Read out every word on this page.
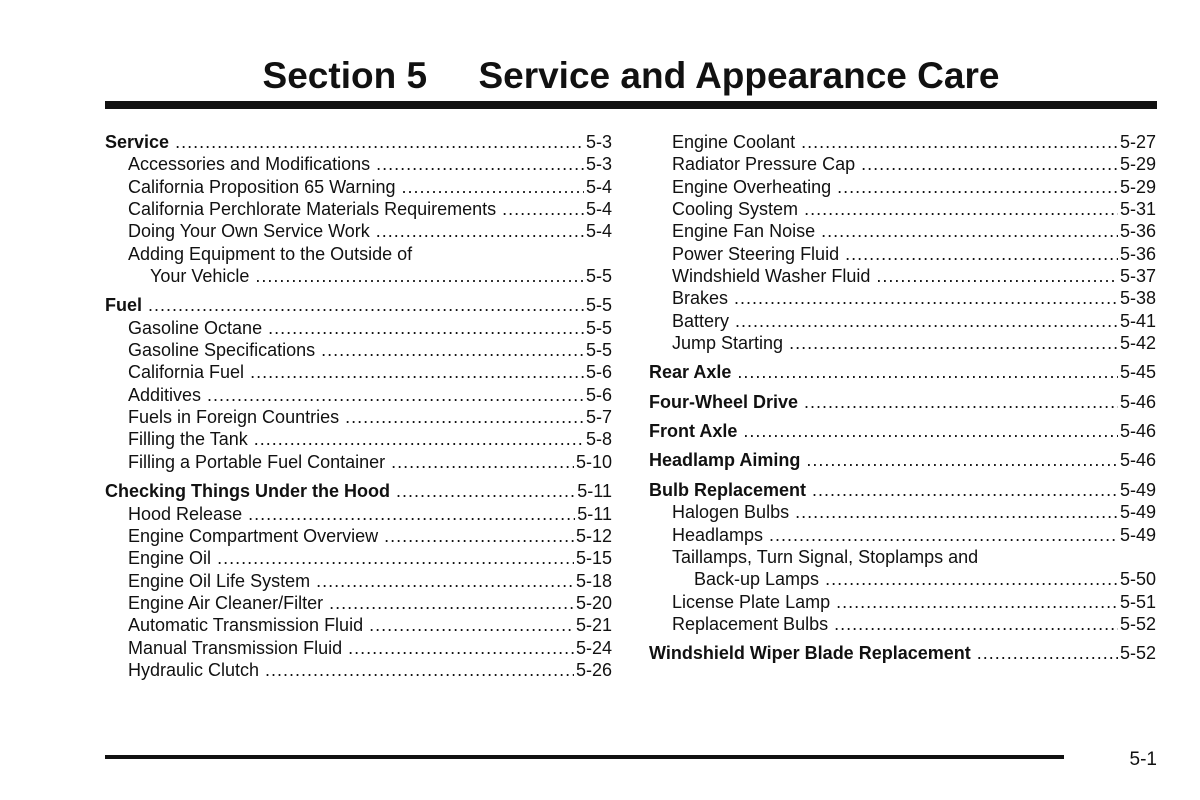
Section 5     Service and Appearance Care
Service .....	5-3
Accessories and Modifications .....	5-3
California Proposition 65 Warning .....	5-4
California Perchlorate Materials Requirements .....	5-4
Doing Your Own Service Work .....	5-4
Adding Equipment to the Outside of
Your Vehicle .....	5-5
Fuel .....	5-5
Gasoline Octane .....	5-5
Gasoline Specifications .....	5-5
California Fuel .....	5-6
Additives .....	5-6
Fuels in Foreign Countries .....	5-7
Filling the Tank .....	5-8
Filling a Portable Fuel Container .....	5-10
Checking Things Under the Hood .....	5-11
Hood Release .....	5-11
Engine Compartment Overview .....	5-12
Engine Oil .....	5-15
Engine Oil Life System .....	5-18
Engine Air Cleaner/Filter .....	5-20
Automatic Transmission Fluid .....	5-21
Manual Transmission Fluid .....	5-24
Hydraulic Clutch .....	5-26
Engine Coolant .....	5-27
Radiator Pressure Cap .....	5-29
Engine Overheating .....	5-29
Cooling System .....	5-31
Engine Fan Noise .....	5-36
Power Steering Fluid .....	5-36
Windshield Washer Fluid .....	5-37
Brakes .....	5-38
Battery .....	5-41
Jump Starting .....	5-42
Rear Axle .....	5-45
Four-Wheel Drive .....	5-46
Front Axle .....	5-46
Headlamp Aiming .....	5-46
Bulb Replacement .....	5-49
Halogen Bulbs .....	5-49
Headlamps .....	5-49
Taillamps, Turn Signal, Stoplamps and
Back-up Lamps .....	5-50
License Plate Lamp .....	5-51
Replacement Bulbs .....	5-52
Windshield Wiper Blade Replacement .....	5-52
5-1
